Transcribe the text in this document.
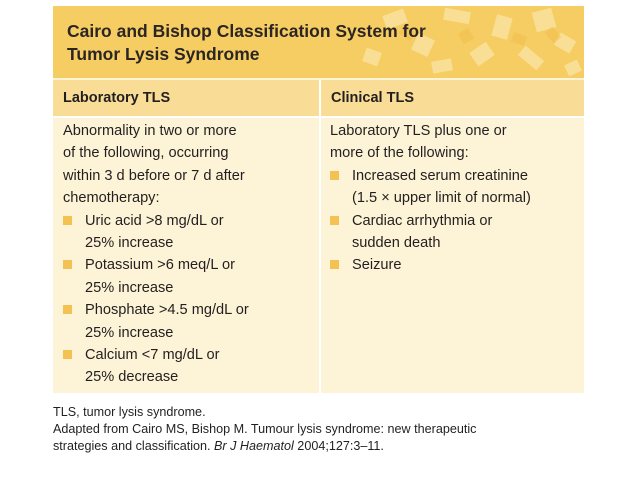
Cairo and Bishop Classification System for
Tumor Lysis Syndrome
Laboratory TLS	Clinical TLS
Abnormality in two or more
of the following, occurring
within 3 d before or 7 d after
chemotherapy:
Uric acid >8 mg/dL or
25% increase
Potassium >6 meq/L or
25% increase
Phosphate >4.5 mg/dL or
25% increase
Calcium <7 mg/dL or
25% decrease
Laboratory TLS plus one or
more of the following:
Increased serum creatinine
(1.5 × upper limit of normal)
Cardiac arrhythmia or
sudden death
Seizure
TLS, tumor lysis syndrome.
Adapted from Cairo MS, Bishop M. Tumour lysis syndrome: new therapeutic
strategies and classification. Br J Haematol 2004;127:3–11.
